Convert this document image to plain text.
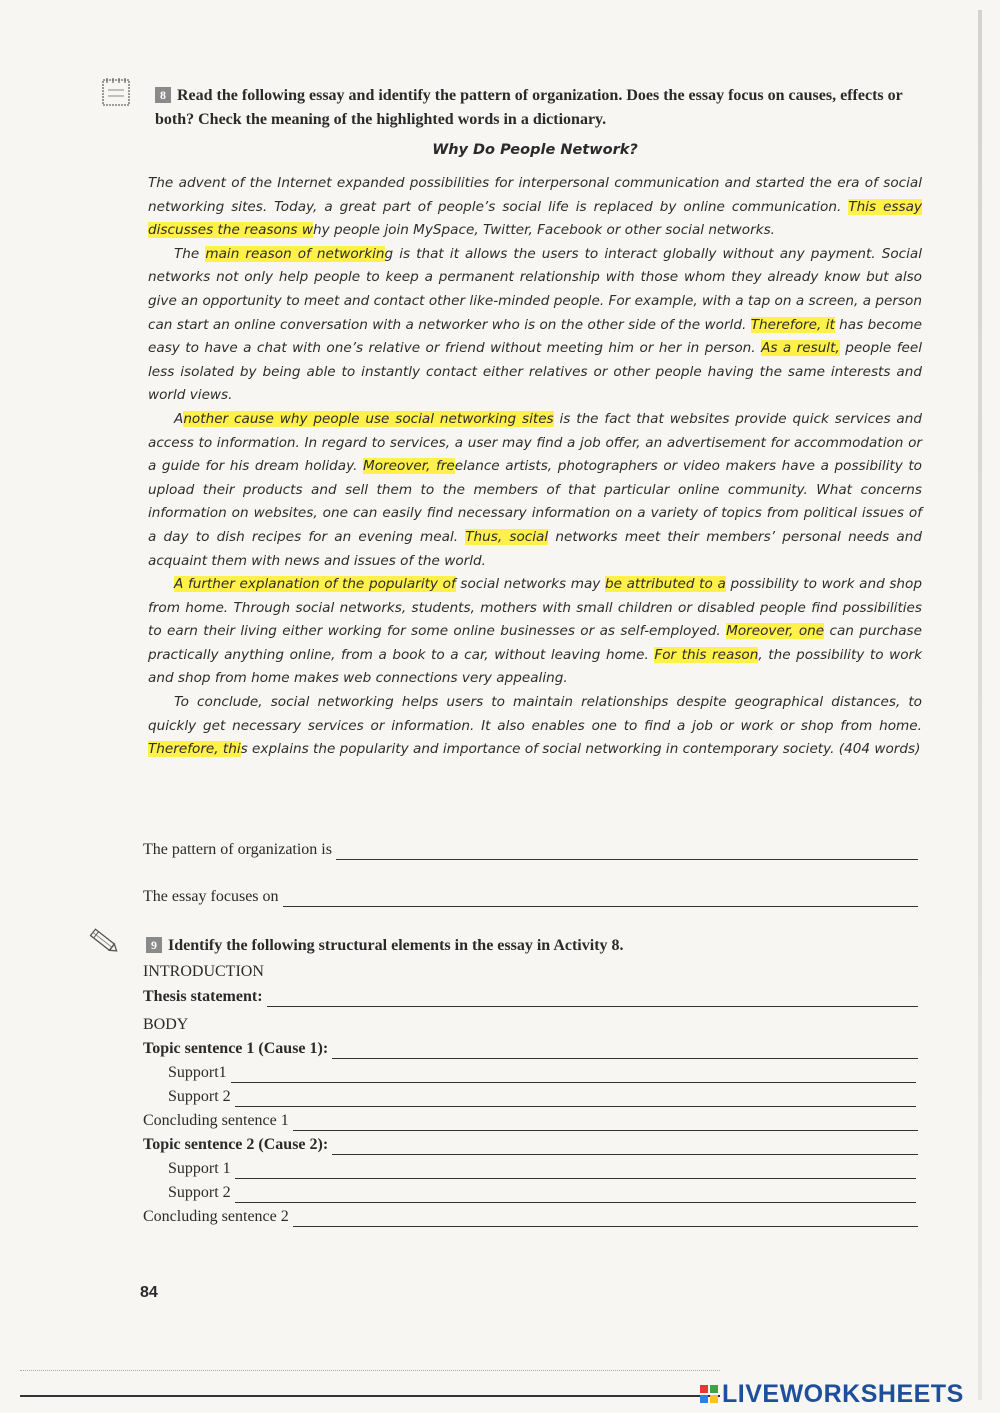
8 Read the following essay and identify the pattern of organization. Does the essay focus on causes, effects or both? Check the meaning of the highlighted words in a dictionary.
Why Do People Network?

The advent of the Internet expanded possibilities for interpersonal communication and started the era of social networking sites. Today, a great part of people’s social life is replaced by online communication. This essay discusses the reasons why people join MySpace, Twitter, Facebook or other social networks.

The main reason of networking is that it allows the users to interact globally without any payment. Social networks not only help people to keep a permanent relationship with those whom they already know but also give an opportunity to meet and contact other like-minded people. For example, with a tap on a screen, a person can start an online conversation with a networker who is on the other side of the world. Therefore, it has become easy to have a chat with one’s relative or friend without meeting him or her in person. As a result, people feel less isolated by being able to instantly contact either relatives or other people having the same interests and world views.

Another cause why people use social networking sites is the fact that websites provide quick services and access to information. In regard to services, a user may find a job offer, an advertisement for accommodation or a guide for his dream holiday. Moreover, freelance artists, photographers or video makers have a possibility to upload their products and sell them to the members of that particular online community. What concerns information on websites, one can easily find necessary information on a variety of topics from political issues of a day to dish recipes for an evening meal. Thus, social networks meet their members’ personal needs and acquaint them with news and issues of the world.

A further explanation of the popularity of social networks may be attributed to a possibility to work and shop from home. Through social networks, students, mothers with small children or disabled people find possibilities to earn their living either working for some online businesses or as self-employed. Moreover, one can purchase practically anything online, from a book to a car, without leaving home. For this reason, the possibility to work and shop from home makes web connections very appealing.

To conclude, social networking helps users to maintain relationships despite geographical distances, to quickly get necessary services or information. It also enables one to find a job or work or shop from home. Therefore, this explains the popularity and importance of social networking in contemporary society. (404 words)

The pattern of organization is
The essay focuses on
9 Identify the following structural elements in the essay in Activity 8.
INTRODUCTION
Thesis statement:
BODY
Topic sentence 1 (Cause 1):
Support1
Support 2
Concluding sentence 1
Topic sentence 2 (Cause 2):
Support 1
Support 2
Concluding sentence 2
84
LIVEWORKSHEETS
